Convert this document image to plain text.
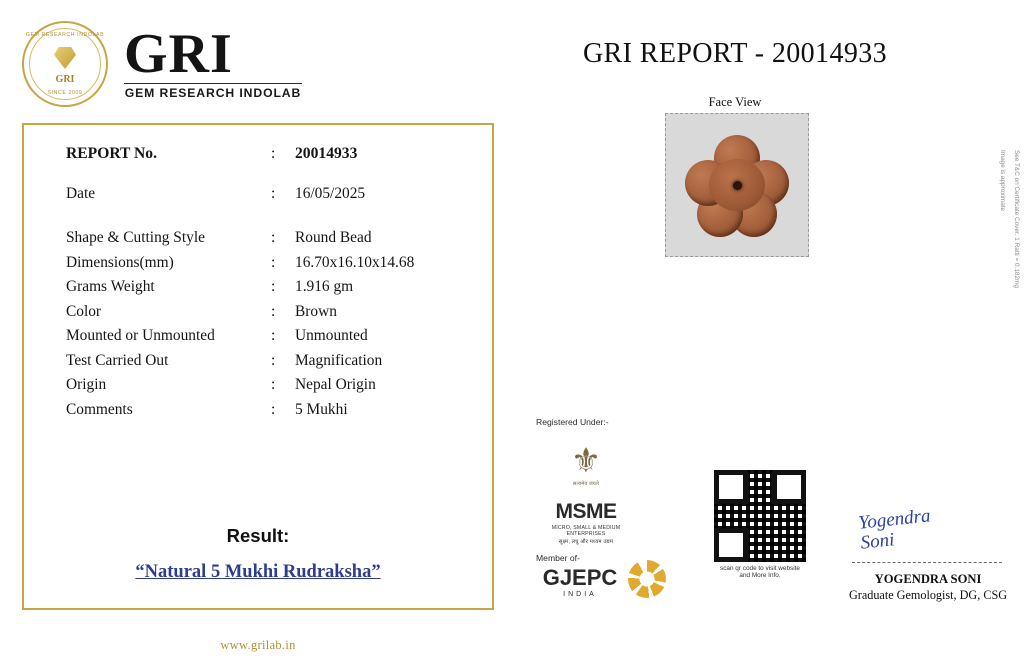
GEM RESEARCH INDOLAB
GRI
SINCE 2009
GRI
GEM RESEARCH INDOLAB
GRI REPORT - 20014933
Face View
REPORT No.	:	20014933
Date	:	16/05/2025
Shape & Cutting Style	:	Round Bead
Dimensions(mm)	:	16.70x16.10x14.68
Grams Weight	:	1.916 gm
Color	:	Brown
Mounted or Unmounted	:	Unmounted
Test Carried Out	:	Magnification
Origin	:	Nepal Origin
Comments	:	5 Mukhi
Result:
“Natural 5 Mukhi Rudraksha”
www.grilab.in
See T&C on Certificate Cover. 1 Ratti = 0.182mg
Image is approximate
Registered Under:-
⚜
सत्यमेव जयते
MSME
MICRO, SMALL & MEDIUM ENTERPRISES
सूक्ष्म, लघु और मध्यम उद्यम
Member of-
GJEPC
INDIA
scan qr code to visit website
and More Info.
Yogendra
Soni
YOGENDRA SONI
Graduate Gemologist, DG, CSG
